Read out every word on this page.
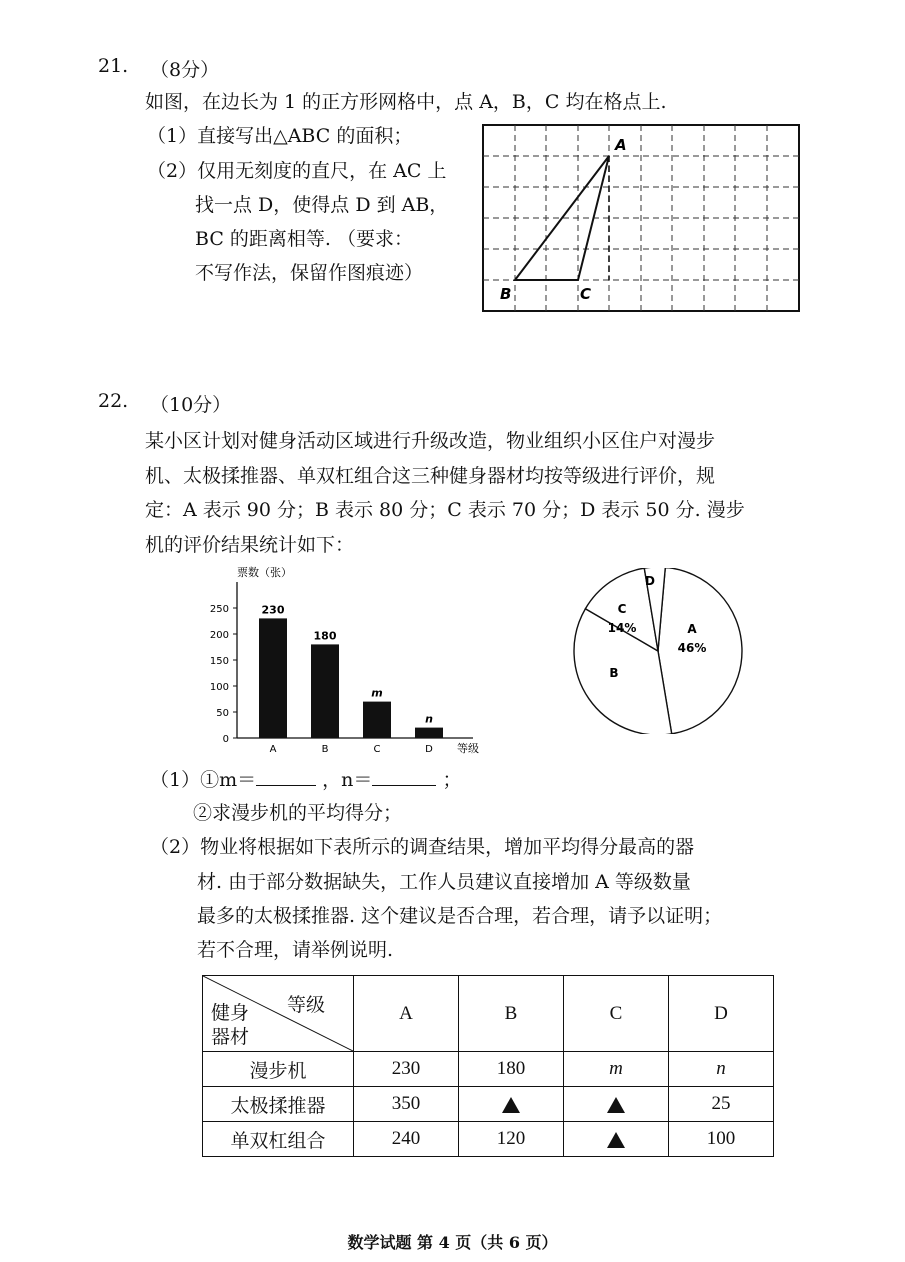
21. （8分）
如图，在边长为 1 的正方形网格中，点 A，B，C 均在格点上.
（1）直接写出△ABC 的面积；
（2）仅用无刻度的直尺，在 AC 上
找一点 D，使得点 D 到 AB，
BC 的距离相等. （要求：
不写作法，保留作图痕迹）
A
B	C
22. （10分）
某小区计划对健身活动区域进行升级改造，物业组织小区住户对漫步
机、太极揉推器、单双杠组合这三种健身器材均按等级进行评价，规
定：A 表示 90 分；B 表示 80 分；C 表示 70 分；D 表示 50 分. 漫步
机的评价结果统计如下：
票数（张）
0
50
100
150
200
250	230
A
180
B
m
C
n
D 等级
A
46%
B
C
14%
D
（1）①m＝	，n＝	；
②求漫步机的平均得分；
（2）物业将根据如下表所示的调查结果，增加平均得分最高的器
材. 由于部分数据缺失，工作人员建议直接增加 A 等级数量
最多的太极揉推器. 这个建议是否合理，若合理，请予以证明；
若不合理，请举例说明.
等级
健身
器材	A	B	C	D
漫步机	230	180	m	n
太极揉推器	350			25
单双杠组合	240	120		100
数学试题 第 4 页（共 6 页）
